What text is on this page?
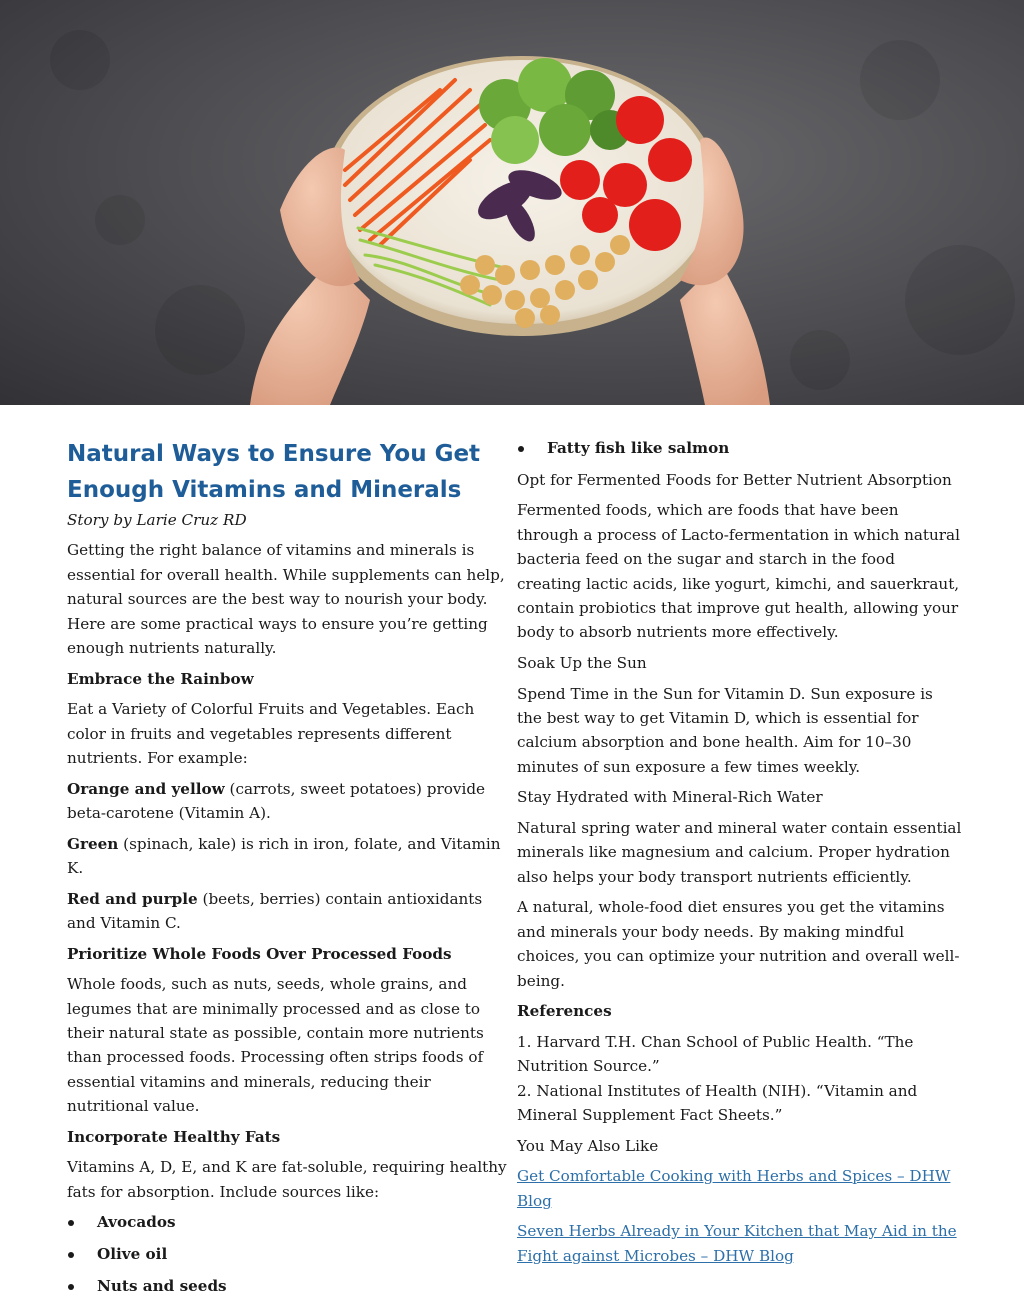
Natural Ways to Ensure You Get Enough Vitamins and Minerals

Story by Larie Cruz RD

Getting the right balance of vitamins and minerals is essential for overall health. While supplements can help, natural sources are the best way to nourish your body. Here are some practical ways to ensure you’re getting enough nutrients naturally.

Embrace the Rainbow

Eat a Variety of Colorful Fruits and Vegetables. Each color in fruits and vegetables represents different nutrients. For example:

Orange and yellow (carrots, sweet potatoes) provide beta-carotene (Vitamin A).

Green (spinach, kale) is rich in iron, folate, and Vitamin K.

Red and purple (beets, berries) contain antioxidants and Vitamin C.

Prioritize Whole Foods Over Processed Foods

Whole foods, such as nuts, seeds, whole grains, and legumes that are minimally processed and as close to their natural state as possible, contain more nutrients than processed foods. Processing often strips foods of essential vitamins and minerals, reducing their nutritional value.

Incorporate Healthy Fats

Vitamins A, D, E, and K are fat-soluble, requiring healthy fats for absorption. Include sources like:

Avocados
Olive oil
Nuts and seeds
Fatty fish like salmon

Opt for Fermented Foods for Better Nutrient Absorption

Fermented foods, which are foods that have been through a process of Lacto-fermentation in which natural bacteria feed on the sugar and starch in the food creating lactic acids, like yogurt, kimchi, and sauerkraut, contain probiotics that improve gut health, allowing your body to absorb nutrients more effectively.

Soak Up the Sun

Spend Time in the Sun for Vitamin D. Sun exposure is the best way to get Vitamin D, which is essential for calcium absorption and bone health. Aim for 10–30 minutes of sun exposure a few times weekly.

Stay Hydrated with Mineral-Rich Water

Natural spring water and mineral water contain essential minerals like magnesium and calcium. Proper hydration also helps your body transport nutrients efficiently.

A natural, whole-food diet ensures you get the vitamins and minerals your body needs. By making mindful choices, you can optimize your nutrition and overall well-being.

References

1. Harvard T.H. Chan School of Public Health. “The Nutrition Source.”

2. National Institutes of Health (NIH). “Vitamin and Mineral Supplement Fact Sheets.”

You May Also Like

Get Comfortable Cooking with Herbs and Spices – DHW Blog

Seven Herbs Already in Your Kitchen that May Aid in the Fight against Microbes – DHW Blog
